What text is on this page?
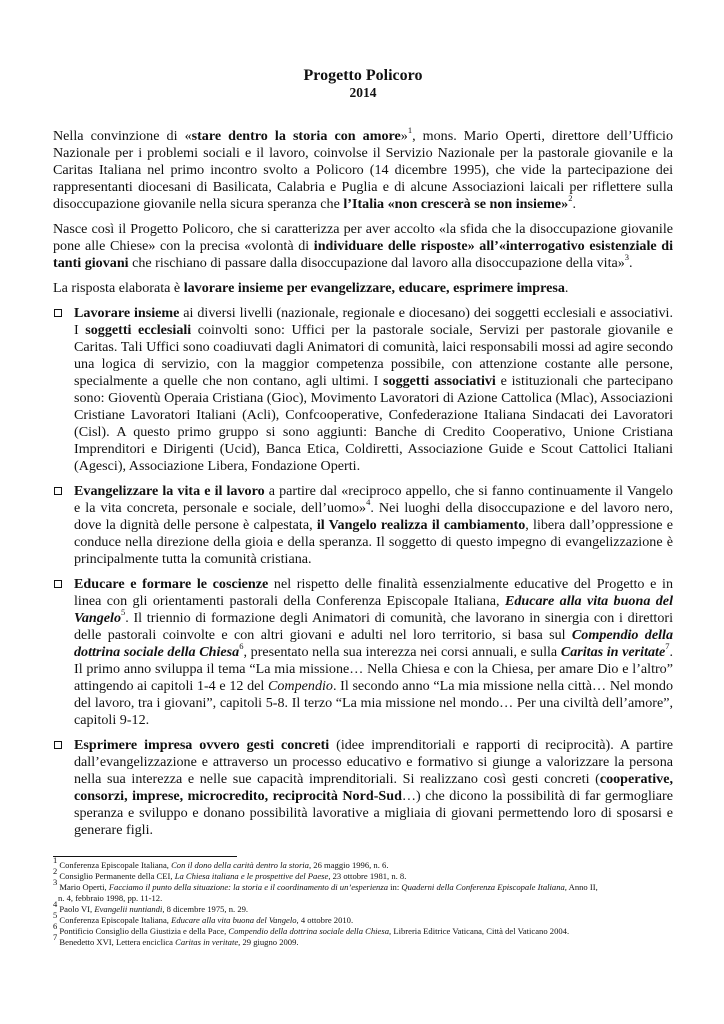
Progetto Policoro
2014

Nella convinzione di «stare dentro la storia con amore»$^1$, mons. Mario Operti, direttore dell’Ufficio Nazionale per i problemi sociali e il lavoro, coinvolse il Servizio Nazionale per la pastorale giovanile e la Caritas Italiana nel primo incontro svolto a Policoro (14 dicembre 1995), che vide la partecipazione dei rappresentanti diocesani di Basilicata, Calabria e Puglia e di alcune Associazioni laicali per riflettere sulla disoccupazione giovanile nella sicura speranza che l’Italia «non crescerà se non insieme»$^2$.

Nasce così il Progetto Policoro, che si caratterizza per aver accolto «la sfida che la disoccupazione giovanile pone alle Chiese» con la precisa «volontà di individuare delle risposte» all’«interrogativo esistenziale di tanti giovani che rischiano di passare dalla disoccupazione dal lavoro alla disoccupazione della vita»$^3$.

La risposta elaborata è lavorare insieme per evangelizzare, educare, esprimere impresa.

Lavorare insieme ai diversi livelli (nazionale, regionale e diocesano) dei soggetti ecclesiali e associativi. I soggetti ecclesiali coinvolti sono: Uffici per la pastorale sociale, Servizi per pastorale giovanile e Caritas. Tali Uffici sono coadiuvati dagli Animatori di comunità, laici responsabili mossi ad agire secondo una logica di servizio, con la maggior competenza possibile, con attenzione costante alle persone, specialmente a quelle che non contano, agli ultimi. I soggetti associativi e istituzionali che partecipano sono: Gioventù Operaia Cristiana (Gioc), Movimento Lavoratori di Azione Cattolica (Mlac), Associazioni Cristiane Lavoratori Italiani (Acli), Confcooperative, Confederazione Italiana Sindacati dei Lavoratori (Cisl). A questo primo gruppo si sono aggiunti: Banche di Credito Cooperativo, Unione Cristiana Imprenditori e Dirigenti (Ucid), Banca Etica, Coldiretti, Associazione Guide e Scout Cattolici Italiani (Agesci), Associazione Libera, Fondazione Operti.
Evangelizzare la vita e il lavoro a partire dal «reciproco appello, che si fanno continuamente il Vangelo e la vita concreta, personale e sociale, dell’uomo»$^4$. Nei luoghi della disoccupazione e del lavoro nero, dove la dignità delle persone è calpestata, il Vangelo realizza il cambiamento, libera dall’oppressione e conduce nella direzione della gioia e della speranza. Il soggetto di questo impegno di evangelizzazione è principalmente tutta la comunità cristiana.
Educare e formare le coscienze nel rispetto delle finalità essenzialmente educative del Progetto e in linea con gli orientamenti pastorali della Conferenza Episcopale Italiana, Educare alla vita buona del Vangelo$^5$. Il triennio di formazione degli Animatori di comunità, che lavorano in sinergia con i direttori delle pastorali coinvolte e con altri giovani e adulti nel loro territorio, si basa sul Compendio della dottrina sociale della Chiesa$^6$, presentato nella sua interezza nei corsi annuali, e sulla Caritas in veritate$^7$. Il primo anno sviluppa il tema “La mia missione… Nella Chiesa e con la Chiesa, per amare Dio e l’altro” attingendo ai capitoli 1-4 e 12 del Compendio. Il secondo anno “La mia missione nella città… Nel mondo del lavoro, tra i giovani”, capitoli 5-8. Il terzo “La mia missione nel mondo… Per una civiltà dell’amore”, capitoli 9-12.
Esprimere impresa ovvero gesti concreti (idee imprenditoriali e rapporti di reciprocità). A partire dall’evangelizzazione e attraverso un processo educativo e formativo si giunge a valorizzare la persona nella sua interezza e nelle sue capacità imprenditoriali. Si realizzano così gesti concreti (cooperative, consorzi, imprese, microcredito, reciprocità Nord-Sud…) che dicono la possibilità di far germogliare speranza e sviluppo e donano possibilità lavorative a migliaia di giovani permettendo loro di sposarsi e generare figli.
$^1$ Conferenza Episcopale Italiana, Con il dono della carità dentro la storia, 26 maggio 1996, n. 6.
$^2$ Consiglio Permanente della CEI, La Chiesa italiana e le prospettive del Paese, 23 ottobre 1981, n. 8.
$^3$ Mario Operti, Facciamo il punto della situazione: la storia e il coordinamento di un’esperienza in: Quaderni della Conferenza Episcopale Italiana, Anno II,
n. 4, febbraio 1998, pp. 11-12.
$^4$ Paolo VI, Evangelii nuntiandi, 8 dicembre 1975, n. 29.
$^5$ Conferenza Episcopale Italiana, Educare alla vita buona del Vangelo, 4 ottobre 2010.
$^6$ Pontificio Consiglio della Giustizia e della Pace, Compendio della dottrina sociale della Chiesa, Libreria Editrice Vaticana, Città del Vaticano 2004.
$^7$ Benedetto XVI, Lettera enciclica Caritas in veritate, 29 giugno 2009.
